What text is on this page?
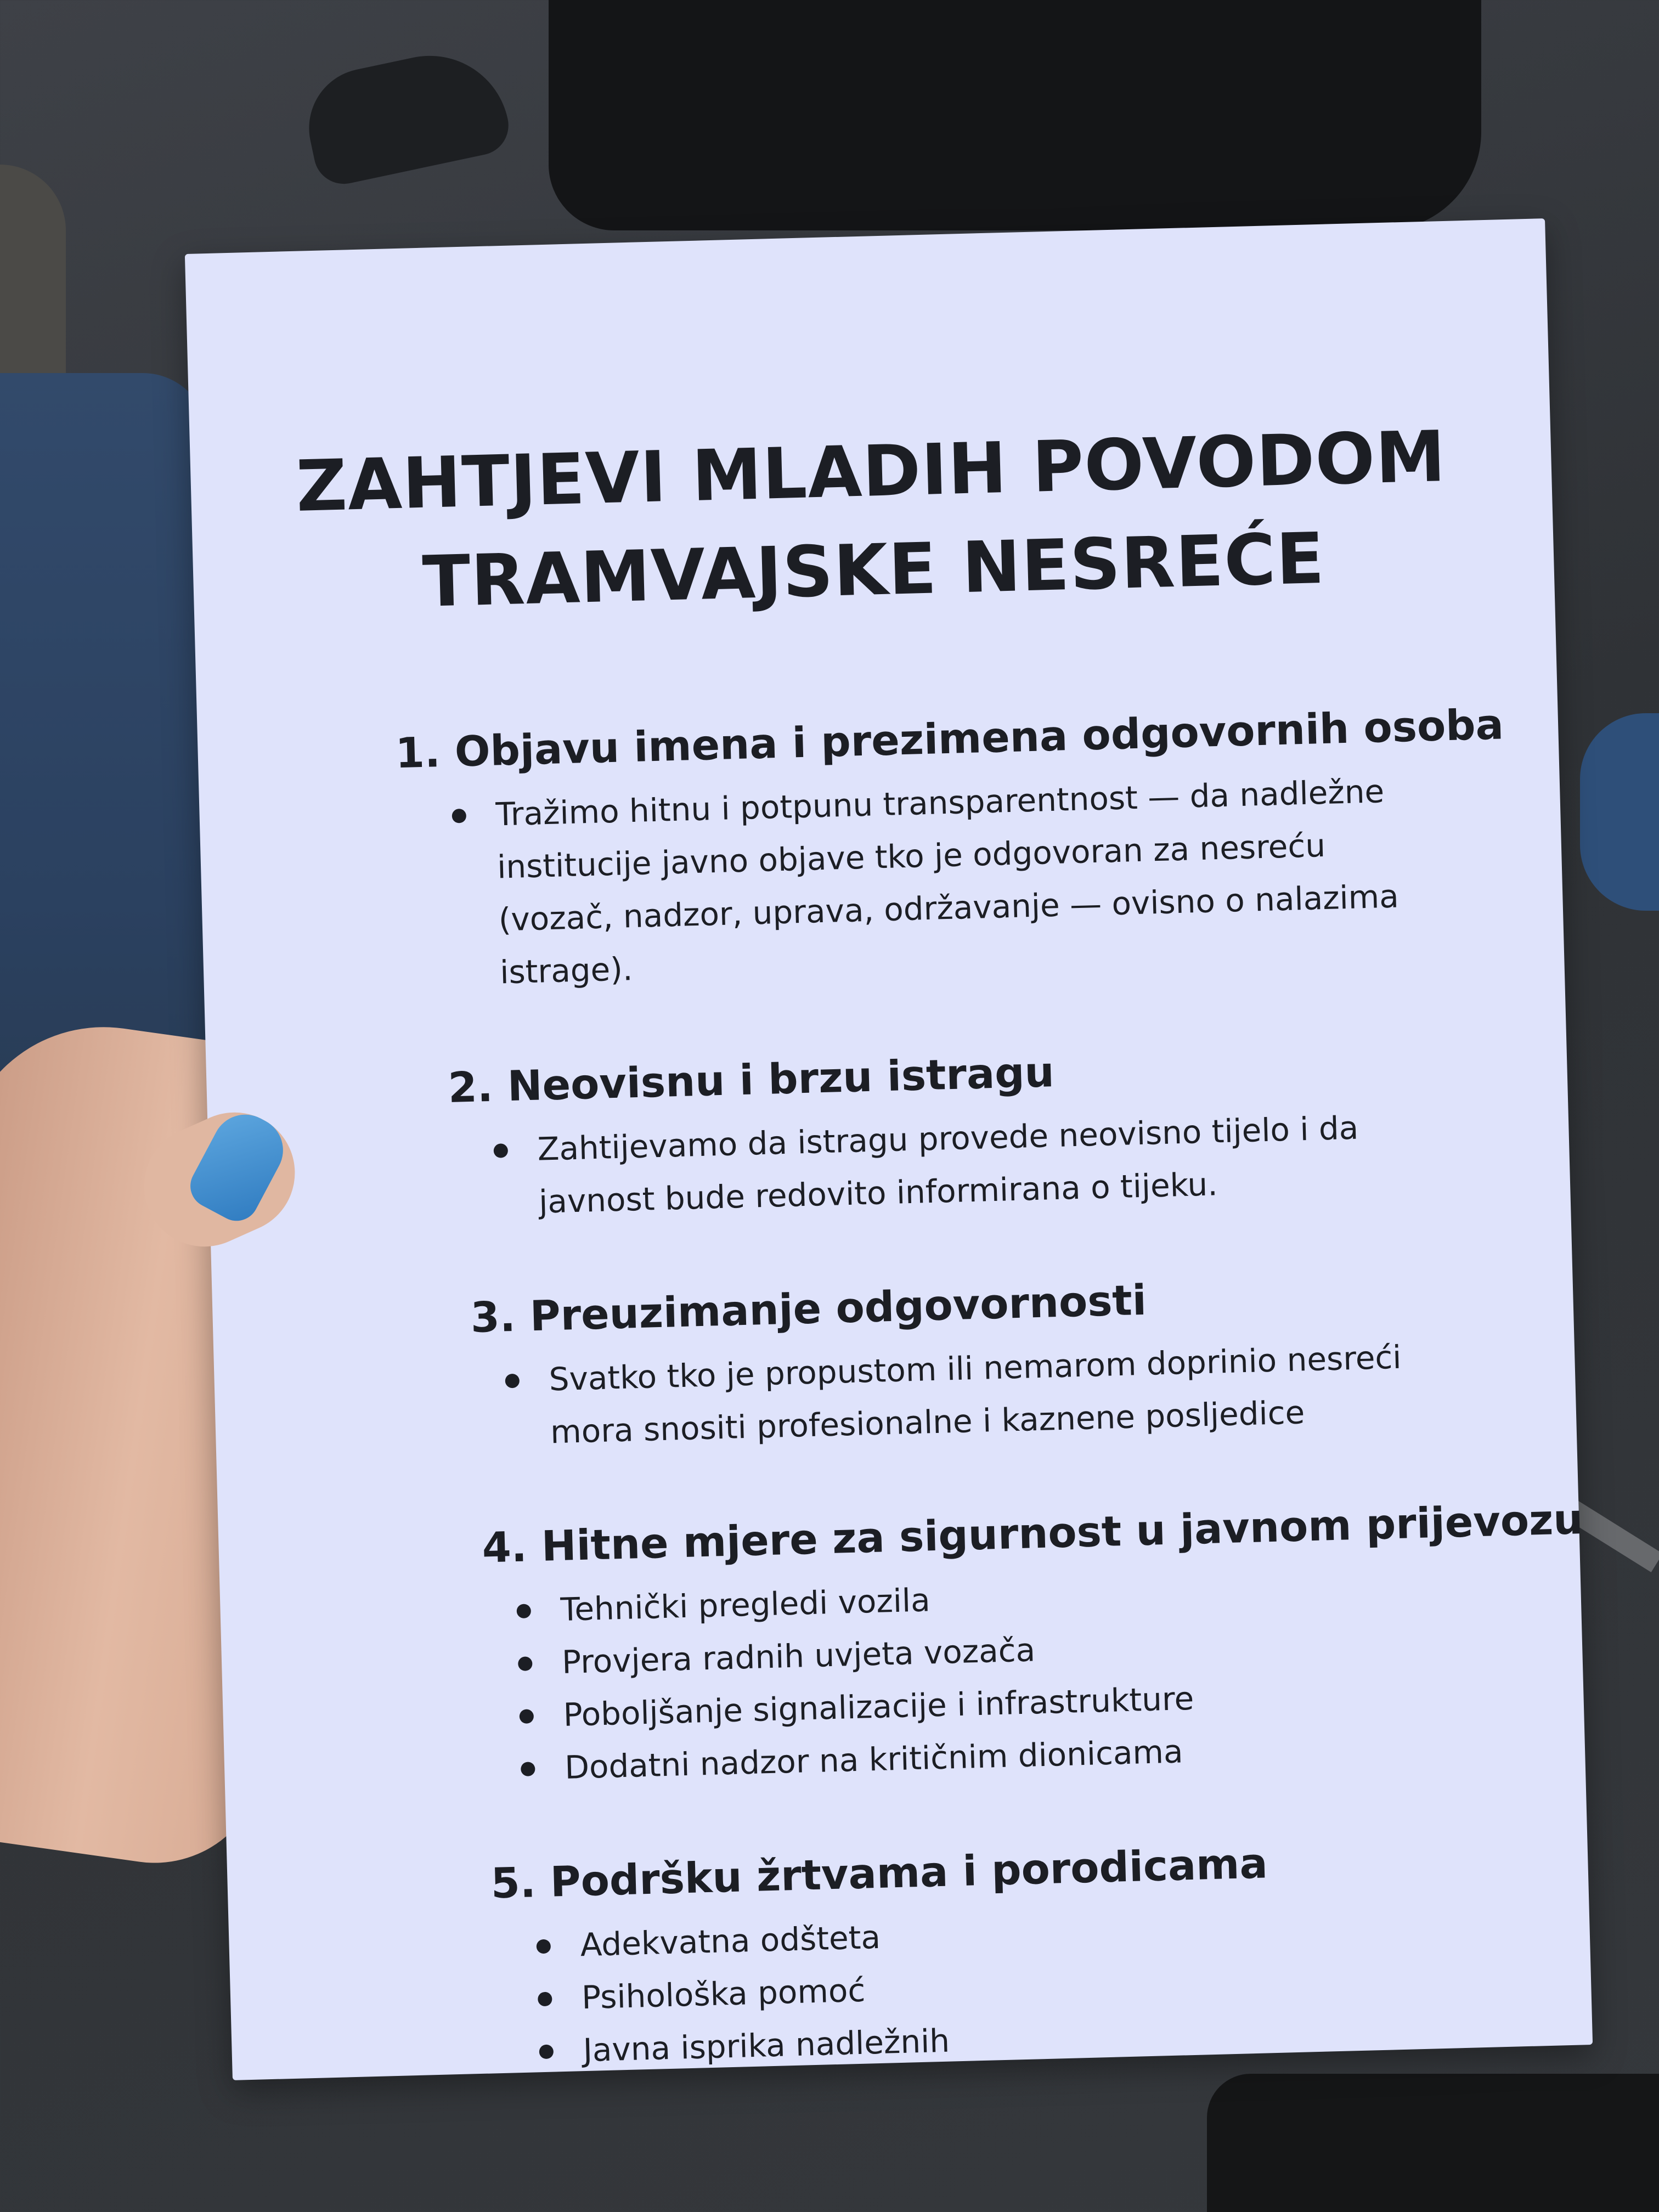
ZAHTJEVI MLADIH POVODOM
TRAMVAJSKE NESREĆE
1. Objavu imena i prezimena odgovornih osoba
Tražimo hitnu i potpunu transparentnost — da nadležne
institucije javno objave tko je odgovoran za nesreću
(vozač, nadzor, uprava, održavanje — ovisno o nalazima
istrage).
2. Neovisnu i brzu istragu
Zahtijevamo da istragu provede neovisno tijelo i da
javnost bude redovito informirana o tijeku.
3. Preuzimanje odgovornosti
Svatko tko je propustom ili nemarom doprinio nesreći
mora snositi profesionalne i kaznene posljedice
4. Hitne mjere za sigurnost u javnom prijevozu
Tehnički pregledi vozila
Provjera radnih uvjeta vozača
Poboljšanje signalizacije i infrastrukture
Dodatni nadzor na kritičnim dionicama
5. Podršku žrtvama i porodicama
Adekvatna odšteta
Psihološka pomoć
Javna isprika nadležnih
